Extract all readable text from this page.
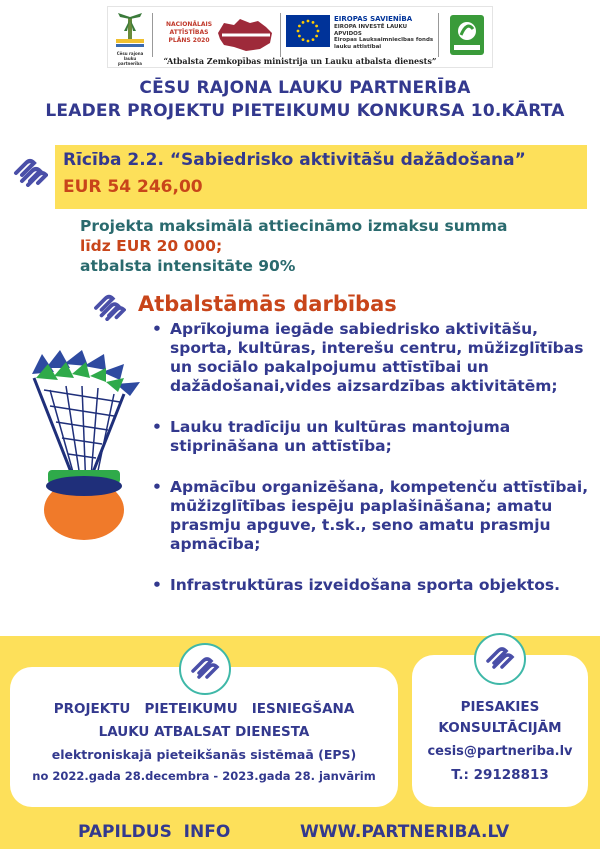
Cēsu rajona lauku partnerība
NACIONĀLAIS
ATTĪSTĪBAS
PLĀNS 2020
EIROPAS SAVIENĪBA
EIROPA INVESTĒ LAUKU APVIDOS
Eiropas Lauksaimniecības fonds
lauku attīstībai
“Atbalsta Zemkopības ministrija un Lauku atbalsta dienests”
CĒSU RAJONA LAUKU PARTNERĪBA
LEADER PROJEKTU PIETEIKUMU KONKURSA 10.KĀRTA
Rīcība 2.2. “Sabiedrisko aktivitāšu dažādošana”
EUR 54 246,00
Projekta maksimālā attiecināmo izmaksu summa
līdz EUR 20 000;
atbalsta intensitāte 90%
Atbalstāmās darbības
• Aprīkojuma iegāde sabiedrisko aktivitāšu, sporta, kultūras, interešu centru, mūžizglītības un sociālo pakalpojumu attīstībai un dažādošanai,vides aizsardzības aktivitātēm;
• Lauku tradīciju un kultūras mantojuma stiprināšana un attīstība;
• Apmācību organizēšana, kompetenču attīstībai, mūžizglītības iespēju paplašināšana; amatu prasmju apguve, t.sk., seno amatu prasmju apmācība;
• Infrastruktūras izveidošana sporta objektos.
PROJEKTU   PIETEIKUMU   IESNIEGŠANA
LAUKU ATBALSAT DIENESTA
elektroniskajā pieteikšanās sistēmaā (EPS)
no 2022.gada 28.decembra - 2023.gada 28. janvārim
PIESAKIES
KONSULTĀCIJĀM
cesis@partneriba.lv
T.: 29128813
PAPILDUS  INFO	WWW.PARTNERIBA.LV
